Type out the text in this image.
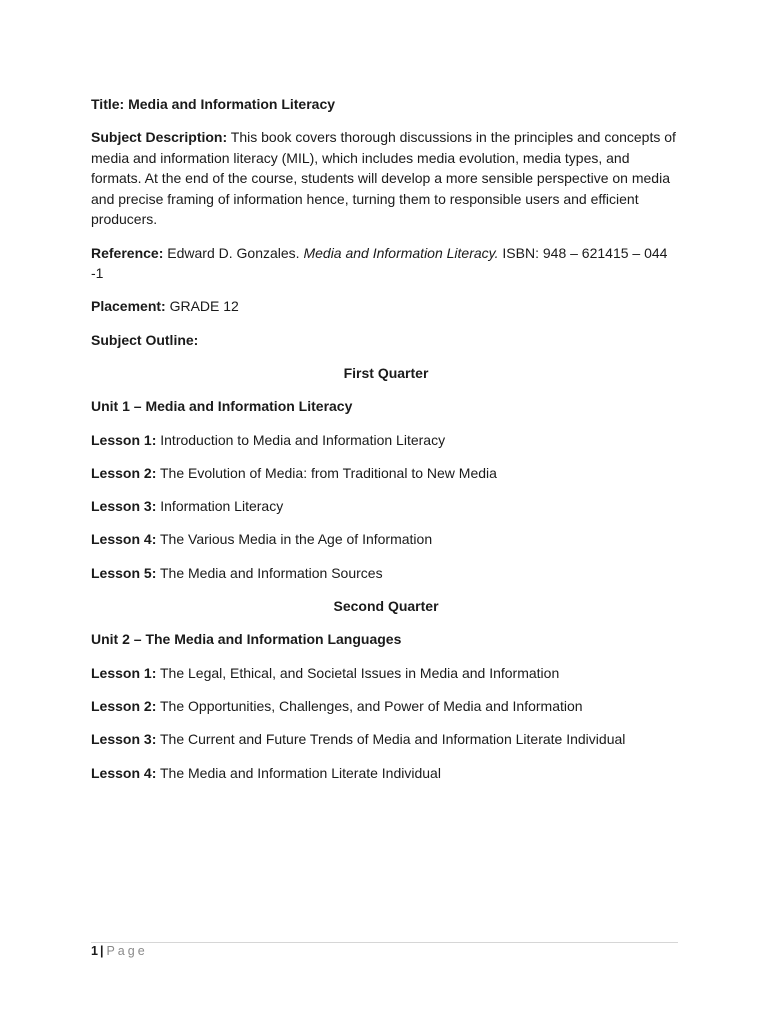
Title: Media and Information Literacy

Subject Description: This book covers thorough discussions in the principles and concepts of media and information literacy (MIL), which includes media evolution, media types, and formats. At the end of the course, students will develop a more sensible perspective on media and precise framing of information hence, turning them to responsible users and efficient producers.

Reference: Edward D. Gonzales. Media and Information Literacy. ISBN: 948 – 621415 – 044 -1

Placement: GRADE 12

Subject Outline:

First Quarter

Unit 1 – Media and Information Literacy

Lesson 1: Introduction to Media and Information Literacy

Lesson 2: The Evolution of Media: from Traditional to New Media

Lesson 3: Information Literacy

Lesson 4: The Various Media in the Age of Information

Lesson 5: The Media and Information Sources

Second Quarter

Unit 2 – The Media and Information Languages

Lesson 1: The Legal, Ethical, and Societal Issues in Media and Information

Lesson 2: The Opportunities, Challenges, and Power of Media and Information

Lesson 3: The Current and Future Trends of Media and Information Literate Individual

Lesson 4: The Media and Information Literate Individual

1 | Page
